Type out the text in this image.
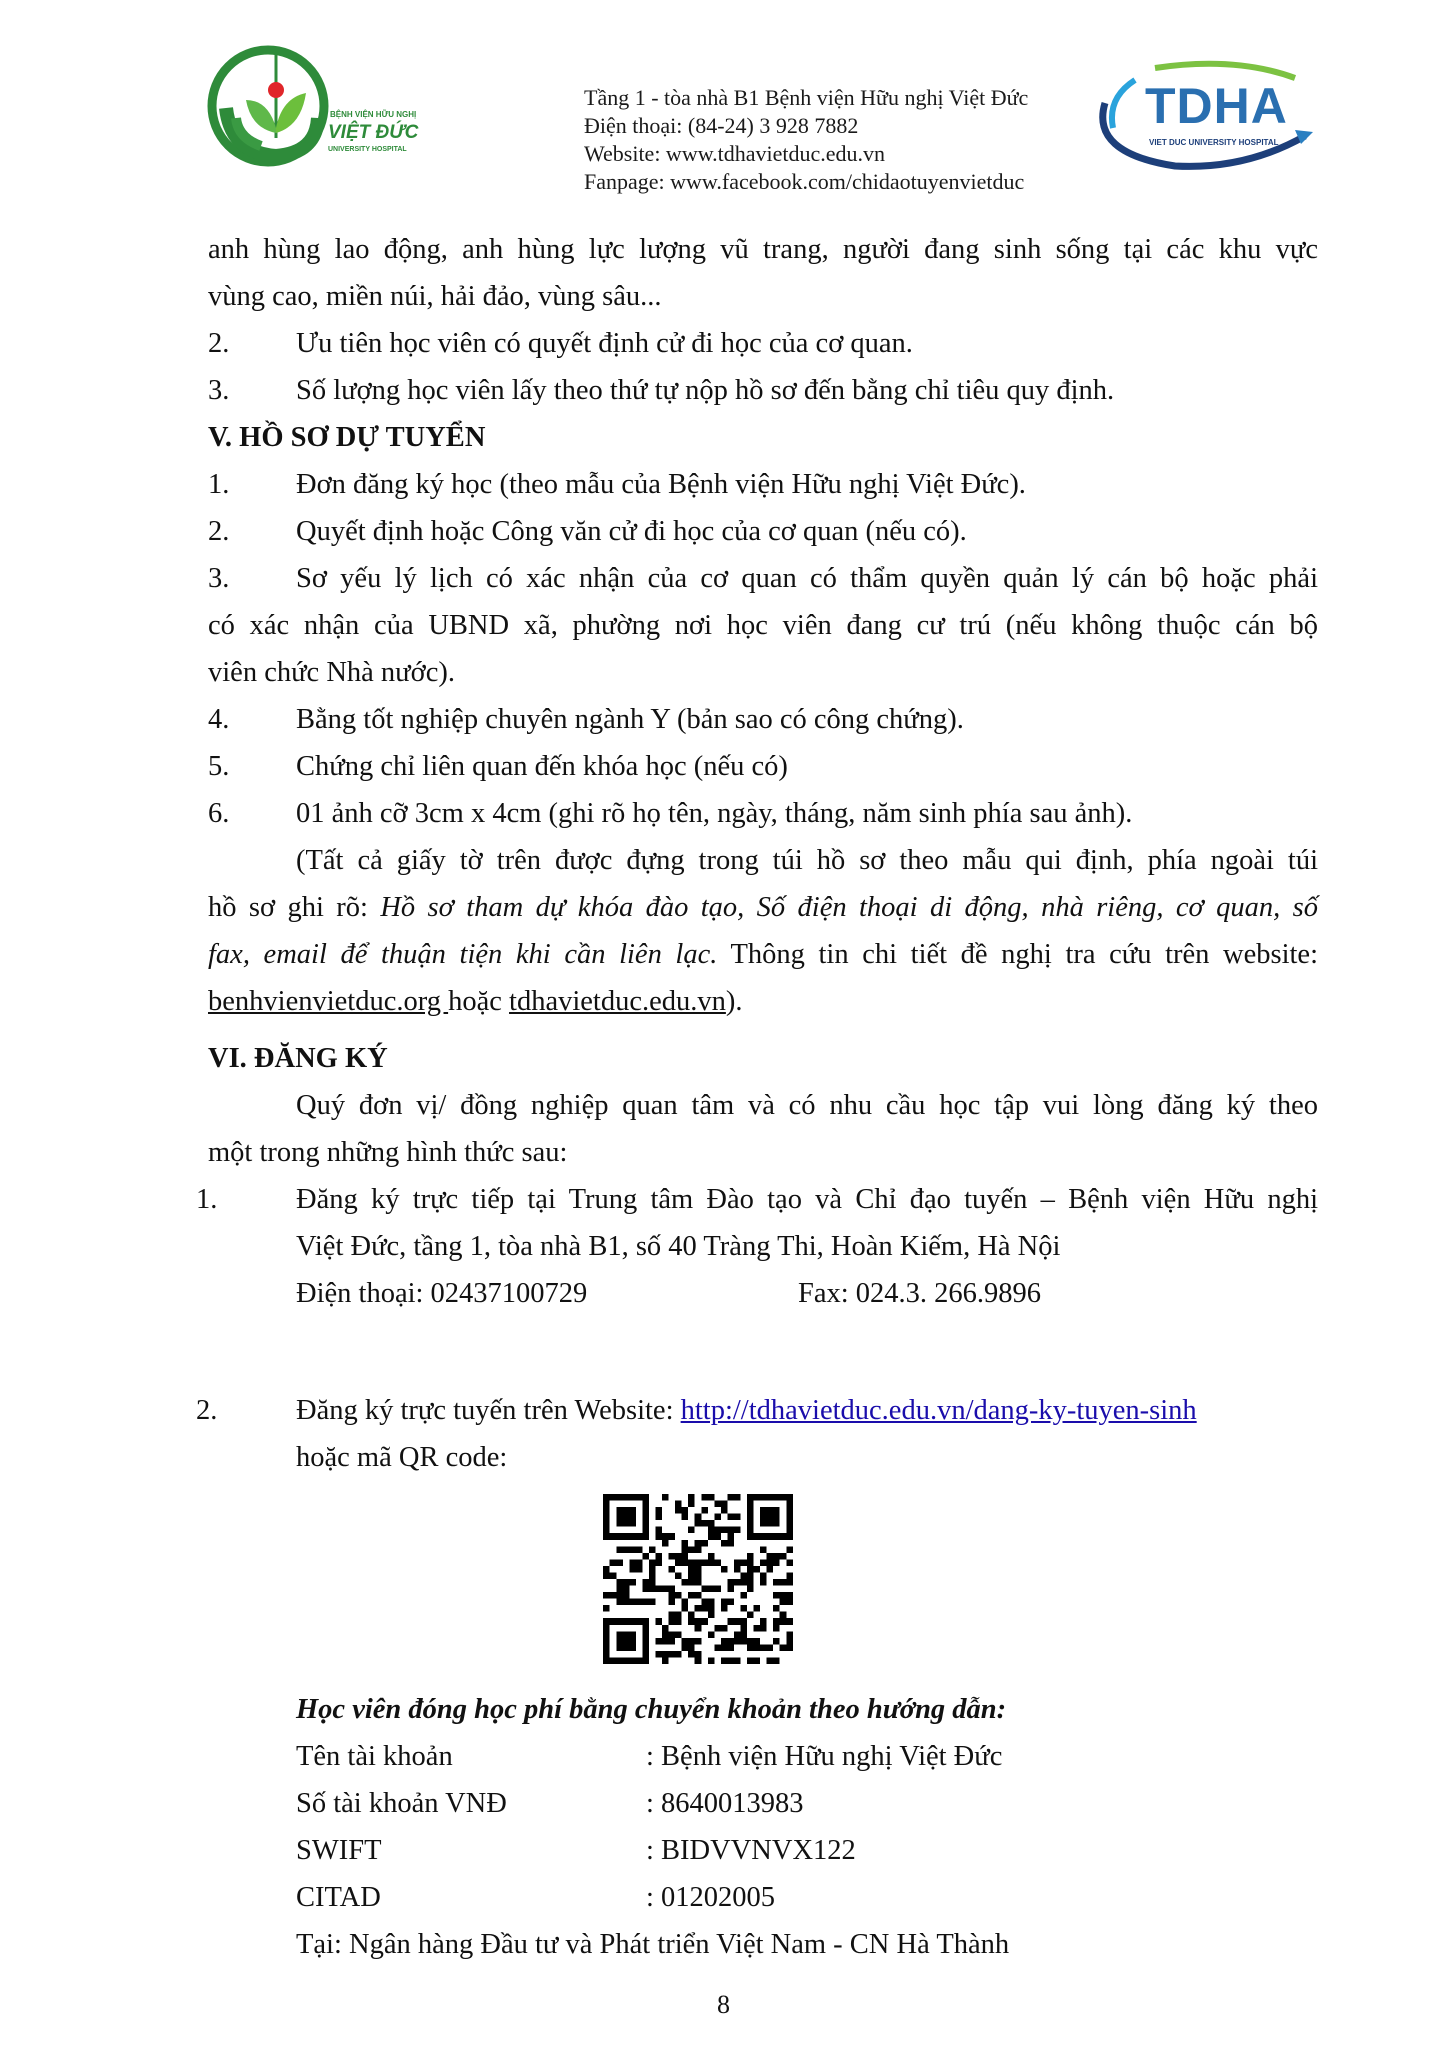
BỆNH VIỆN HỮU NGHỊ
VIỆT ĐỨC
UNIVERSITY HOSPITAL
Tầng 1 - tòa nhà B1 Bệnh viện Hữu nghị Việt Đức
Điện thoại: (84-24) 3 928 7882
Website: www.tdhavietduc.edu.vn
Fanpage: www.facebook.com/chidaotuyenvietduc
TDHA
VIET DUC UNIVERSITY HOSPITAL
anh hùng lao động, anh hùng lực lượng vũ trang, người đang sinh sống tại các khu vực
vùng cao, miền núi, hải đảo, vùng sâu...
2. Ưu tiên học viên có quyết định cử đi học của cơ quan.
3. Số lượng học viên lấy theo thứ tự nộp hồ sơ đến bằng chỉ tiêu quy định.
V. HỒ SƠ DỰ TUYỂN
1. Đơn đăng ký học (theo mẫu của Bệnh viện Hữu nghị Việt Đức).
2. Quyết định hoặc Công văn cử đi học của cơ quan (nếu có).
3. Sơ yếu lý lịch có xác nhận của cơ quan có thẩm quyền quản lý cán bộ hoặc phải
có xác nhận của UBND xã, phường nơi học viên đang cư trú (nếu không thuộc cán bộ
viên chức Nhà nước).
4. Bằng tốt nghiệp chuyên ngành Y (bản sao có công chứng).
5. Chứng chỉ liên quan đến khóa học (nếu có)
6. 01 ảnh cỡ 3cm x 4cm (ghi rõ họ tên, ngày, tháng, năm sinh phía sau ảnh).
(Tất cả giấy tờ trên được đựng trong túi hồ sơ theo mẫu qui định, phía ngoài túi
hồ sơ ghi rõ: Hồ sơ tham dự khóa đào tạo, Số điện thoại di động, nhà riêng, cơ quan, số
fax, email để thuận tiện khi cần liên lạc. Thông tin chi tiết đề nghị tra cứu trên website:
benhvienvietduc.org hoặc tdhavietduc.edu.vn).
VI. ĐĂNG KÝ
Quý đơn vị/ đồng nghiệp quan tâm và có nhu cầu học tập vui lòng đăng ký theo
một trong những hình thức sau:
1.	Đăng ký trực tiếp tại Trung tâm Đào tạo và Chỉ đạo tuyến – Bệnh viện Hữu nghị
Việt Đức, tầng 1, tòa nhà B1, số 40 Tràng Thi, Hoàn Kiếm, Hà Nội
Điện thoại: 02437100729	Fax: 024.3. 266.9896
2.	Đăng ký trực tuyến trên Website: http://tdhavietduc.edu.vn/dang-ky-tuyen-sinh
hoặc mã QR code:
Học viên đóng học phí bằng chuyển khoản theo hướng dẫn:
Tên tài khoản	: Bệnh viện Hữu nghị Việt Đức
Số tài khoản VNĐ	: 8640013983
SWIFT	: BIDVVNVX122
CITAD	: 01202005
Tại: Ngân hàng Đầu tư và Phát triển Việt Nam - CN Hà Thành
8
